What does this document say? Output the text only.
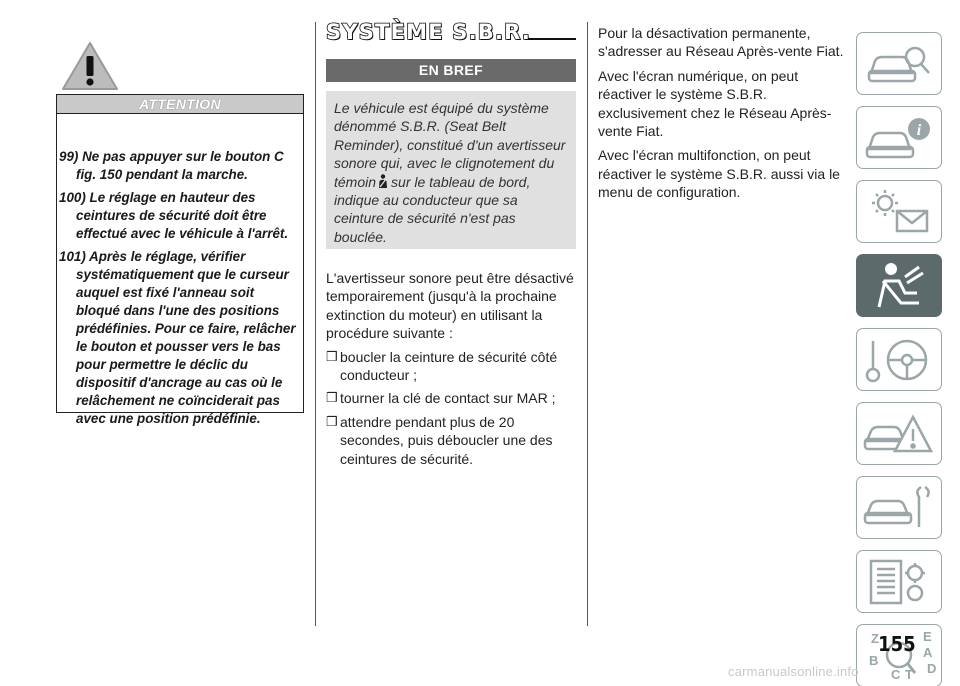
ATTENTION
99) Ne pas appuyer sur le bouton C
fig. 150 pendant la marche.
100) Le réglage en hauteur des
ceintures de sécurité doit être
effectué avec le véhicule à l'arrêt.
101) Après le réglage, vérifier
systématiquement que le curseur
auquel est fixé l'anneau soit
bloqué dans l'une des positions
prédéfinies. Pour ce faire, relâcher
le bouton et pousser vers le bas
pour permettre le déclic du
dispositif d'ancrage au cas où le
relâchement ne coïnciderait pas
avec une position prédéfinie.
SYSTÈME S.B.R.
EN BREF
Le véhicule est équipé du système
dénommé S.B.R. (Seat Belt
Reminder), constitué d'un avertisseur
sonore qui, avec le clignotement du
témoin sur le tableau de bord,
indique au conducteur que sa
ceinture de sécurité n'est pas
bouclée.

L'avertisseur sonore peut être désactivé temporairement (jusqu'à la prochaine extinction du moteur) en utilisant la procédure suivante :

❒ boucler la ceinture de sécurité côté conducteur ;
❒ tourner la clé de contact sur MAR ;
❒ attendre pendant plus de 20 secondes, puis déboucler une des ceintures de sécurité.

Pour la désactivation permanente, s'adresser au Réseau Après-vente Fiat.

Avec l'écran numérique, on peut réactiver le système S.B.R. exclusivement chez le Réseau Après-vente Fiat.

Avec l'écran multifonction, on peut réactiver le système S.B.R. aussi via le menu de configuration.

i
Z	E
A
B
C T D
155
carmanualsonline.info
